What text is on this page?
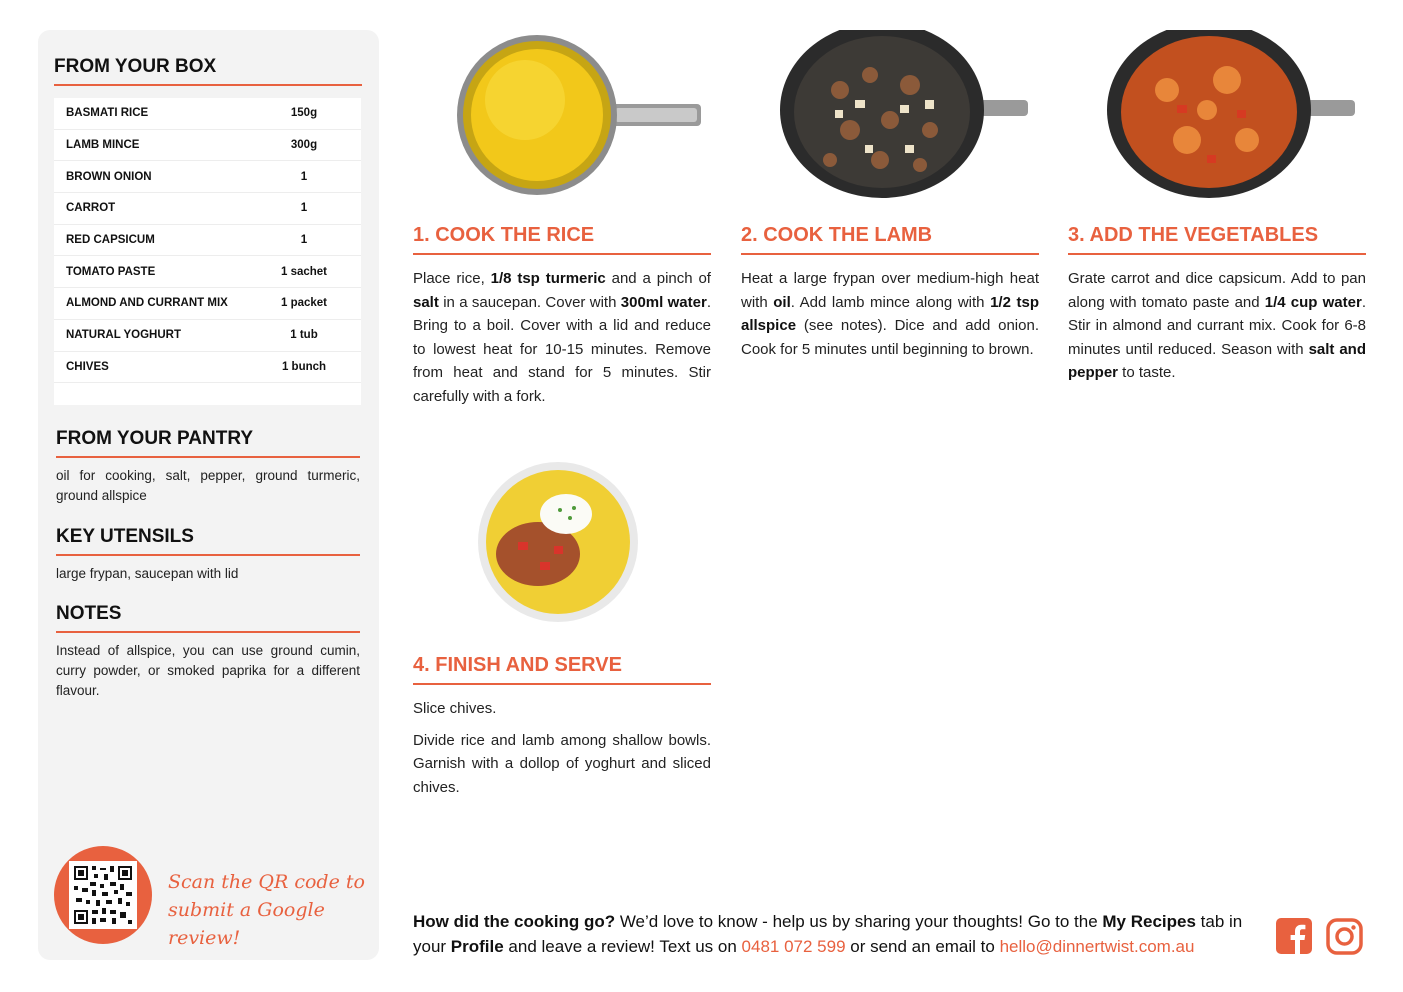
FROM YOUR BOX
BASMATI RICE	150g
LAMB MINCE	300g
BROWN ONION	1
CARROT	1
RED CAPSICUM	1
TOMATO PASTE	1 sachet
ALMOND AND CURRANT MIX	1 packet
NATURAL YOGHURT	1 tub
CHIVES	1 bunch
FROM YOUR PANTRY

oil for cooking, salt, pepper, ground turmeric, ground allspice

KEY UTENSILS

large frypan, saucepan with lid

NOTES

Instead of allspice, you can use ground cumin, curry powder, or smoked paprika for a different flavour.

Scan the QR code to
submit a Google review!
1. COOK THE RICE

Place rice, 1/8 tsp turmeric and a pinch of salt in a saucepan. Cover with 300ml water. Bring to a boil. Cover with a lid and reduce to lowest heat for 10-15 minutes. Remove from heat and stand for 5 minutes. Stir carefully with a fork.

2. COOK THE LAMB

Heat a large frypan over medium-high heat with oil. Add lamb mince along with 1/2 tsp allspice (see notes). Dice and add onion. Cook for 5 minutes until beginning to brown.

3. ADD THE VEGETABLES

Grate carrot and dice capsicum. Add to pan along with tomato paste and 1/4 cup water. Stir in almond and currant mix. Cook for 6-8 minutes until reduced. Season with salt and pepper to taste.

4. FINISH AND SERVE

Slice chives.

Divide rice and lamb among shallow bowls. Garnish with a dollop of yoghurt and sliced chives.

How did the cooking go? We’d love to know - help us by sharing your thoughts! Go to the My Recipes tab in your Profile and leave a review! Text us on 0481 072 599 or send an email to hello@dinnertwist.com.au
